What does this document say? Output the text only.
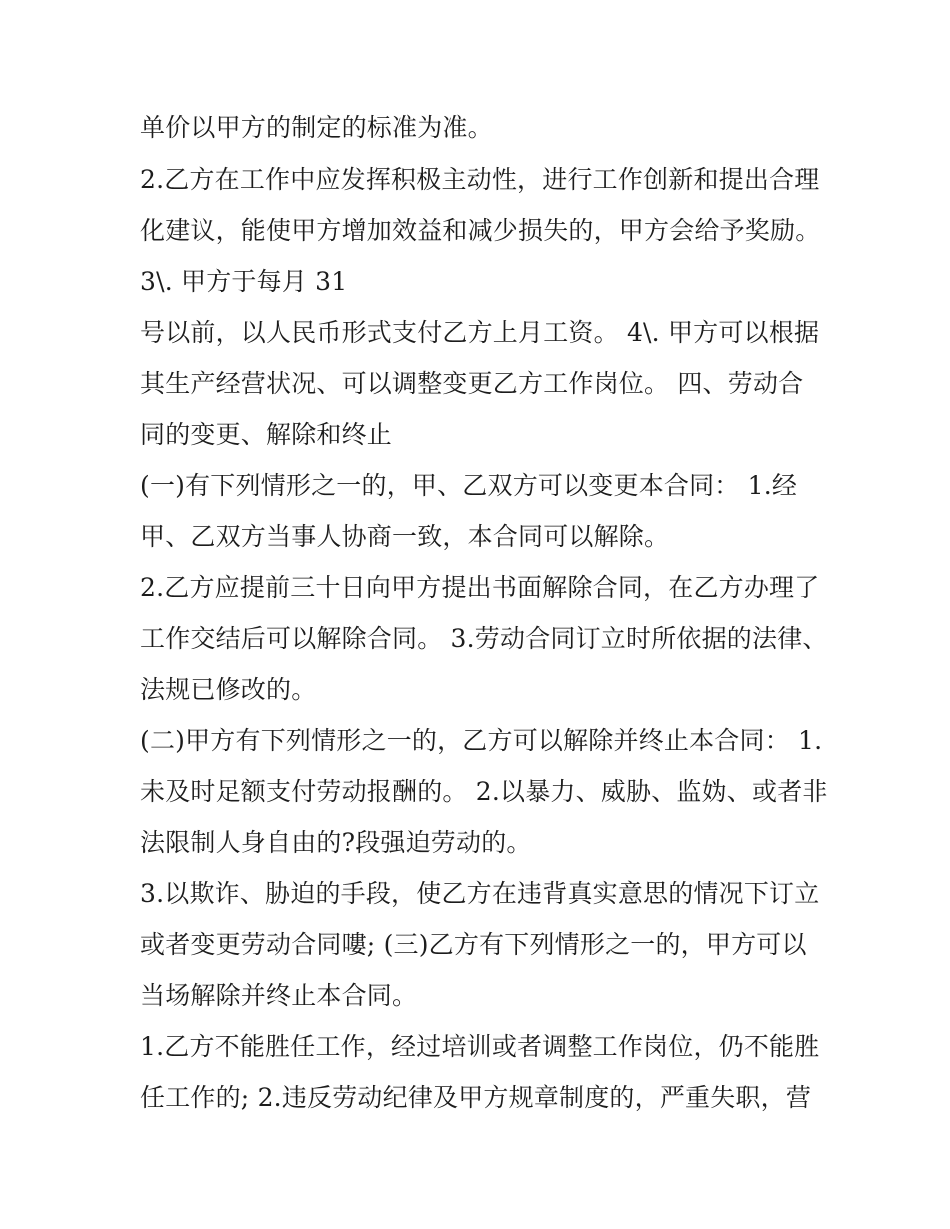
单价以甲方的制定的标准为准。
2.乙方在工作中应发挥积极主动性，进行工作创新和提出合理
化建议，能使甲方增加效益和减少损失的，甲方会给予奖励。
3\. 甲方于每月 31
号以前，以人民币形式支付乙方上月工资。 4\. 甲方可以根据
其生产经营状况、可以调整变更乙方工作岗位。 四、劳动合
同的变更、解除和终止
(一)有下列情形之一的，甲、乙双方可以变更本合同： 1.经
甲、乙双方当事人协商一致，本合同可以解除。
2.乙方应提前三十日向甲方提出书面解除合同，在乙方办理了
工作交结后可以解除合同。 3.劳动合同订立时所依据的法律、
法规已修改的。
(二)甲方有下列情形之一的，乙方可以解除并终止本合同： 1.
未及时足额支付劳动报酬的。 2.以暴力、威胁、监妫、或者非
法限制人身自由的?段强迫劳动的。
3.以欺诈、胁迫的手段，使乙方在违背真实意思的情况下订立
或者变更劳动合同嘍; (三)乙方有下列情形之一的，甲方可以
当场解除并终止本合同。
1.乙方不能胜任工作，经过培训或者调整工作岗位，仍不能胜
任工作的; 2.违反劳动纪律及甲方规章制度的，严重失职，营
